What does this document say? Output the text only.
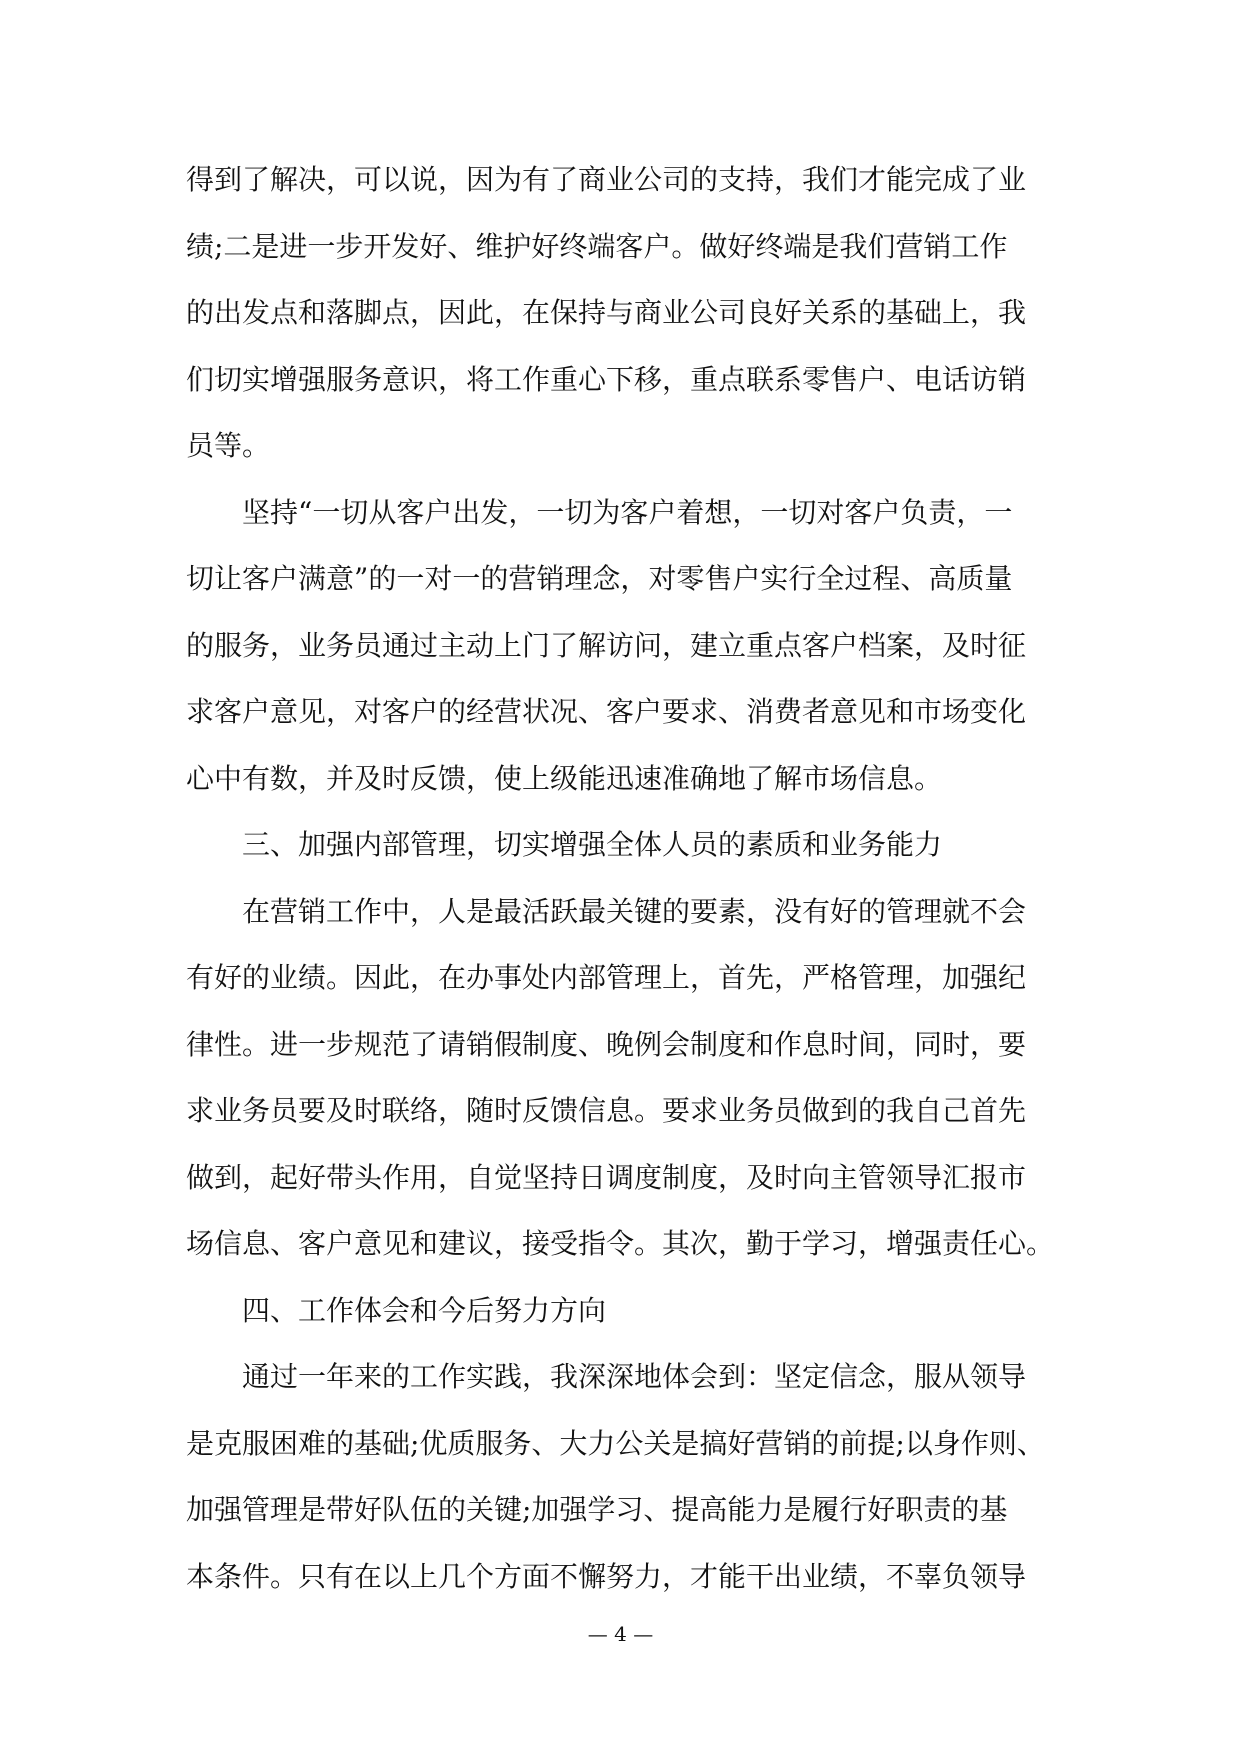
得到了解决，可以说，因为有了商业公司的支持，我们才能完成了业
绩;二是进一步开发好、维护好终端客户。做好终端是我们营销工作
的出发点和落脚点，因此，在保持与商业公司良好关系的基础上，我
们切实增强服务意识，将工作重心下移，重点联系零售户、电话访销
员等。
坚持“一切从客户出发，一切为客户着想，一切对客户负责，一
切让客户满意”的一对一的营销理念，对零售户实行全过程、高质量
的服务，业务员通过主动上门了解访问，建立重点客户档案，及时征
求客户意见，对客户的经营状况、客户要求、消费者意见和市场变化
心中有数，并及时反馈，使上级能迅速准确地了解市场信息。
三、加强内部管理，切实增强全体人员的素质和业务能力
在营销工作中，人是最活跃最关键的要素，没有好的管理就不会
有好的业绩。因此，在办事处内部管理上，首先，严格管理，加强纪
律性。进一步规范了请销假制度、晚例会制度和作息时间，同时，要
求业务员要及时联络，随时反馈信息。要求业务员做到的我自己首先
做到，起好带头作用，自觉坚持日调度制度，及时向主管领导汇报市
场信息、客户意见和建议，接受指令。其次，勤于学习，增强责任心。
四、工作体会和今后努力方向
通过一年来的工作实践，我深深地体会到：坚定信念，服从领导
是克服困难的基础;优质服务、大力公关是搞好营销的前提;以身作则、
加强管理是带好队伍的关键;加强学习、提高能力是履行好职责的基
本条件。只有在以上几个方面不懈努力，才能干出业绩，不辜负领导
— 4 —
